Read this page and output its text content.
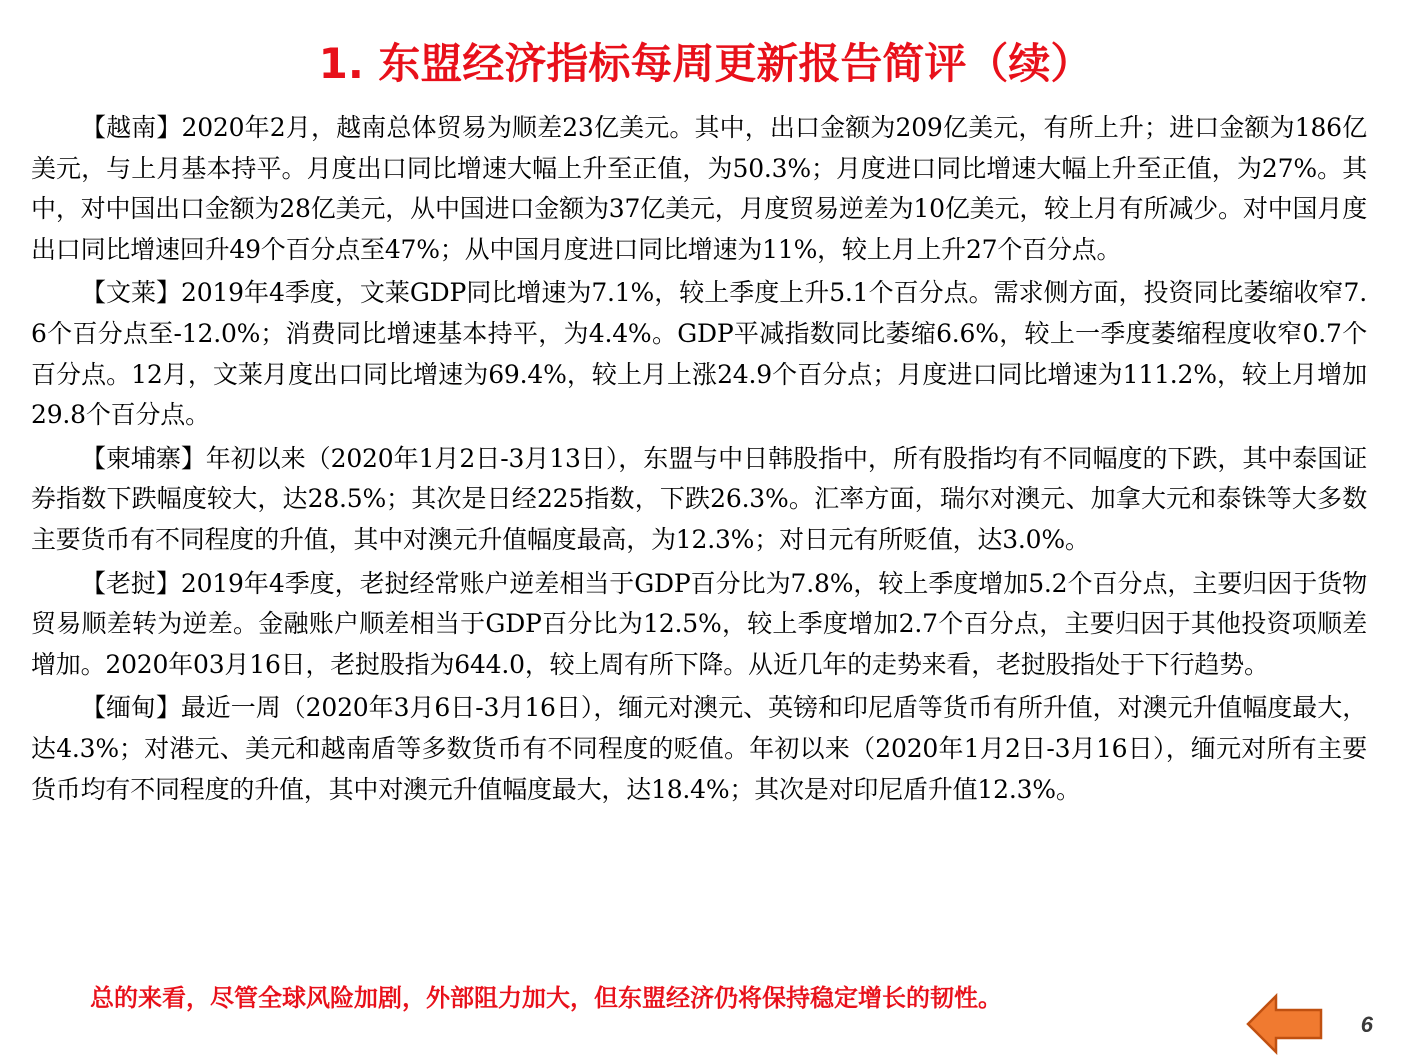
1. 东盟经济指标每周更新报告简评（续）

【越南】2020年2月，越南总体贸易为顺差23亿美元。其中，出口金额为209亿美元，有所上升；进口金额为186亿美元，与上月基本持平。月度出口同比增速大幅上升至正值，为50.3%；月度进口同比增速大幅上升至正值，为27%。其中，对中国出口金额为28亿美元，从中国进口金额为37亿美元，月度贸易逆差为10亿美元，较上月有所减少。对中国月度出口同比增速回升49个百分点至47%；从中国月度进口同比增速为11%，较上月上升27个百分点。

【文莱】2019年4季度，文莱GDP同比增速为7.1%，较上季度上升5.1个百分点。需求侧方面，投资同比萎缩收窄7.6个百分点至-12.0%；消费同比增速基本持平，为4.4%。GDP平减指数同比萎缩6.6%，较上一季度萎缩程度收窄0.7个百分点。12月，文莱月度出口同比增速为69.4%，较上月上涨24.9个百分点；月度进口同比增速为111.2%，较上月增加29.8个百分点。

【柬埔寨】年初以来（2020年1月2日-3月13日），东盟与中日韩股指中，所有股指均有不同幅度的下跌，其中泰国证券指数下跌幅度较大，达28.5%；其次是日经225指数，下跌26.3%。汇率方面，瑞尔对澳元、加拿大元和泰铢等大多数主要货币有不同程度的升值，其中对澳元升值幅度最高，为12.3%；对日元有所贬值，达3.0%。

【老挝】2019年4季度，老挝经常账户逆差相当于GDP百分比为7.8%，较上季度增加5.2个百分点，主要归因于货物贸易顺差转为逆差。金融账户顺差相当于GDP百分比为12.5%，较上季度增加2.7个百分点，主要归因于其他投资项顺差增加。2020年03月16日，老挝股指为644.0，较上周有所下降。从近几年的走势来看，老挝股指处于下行趋势。

【缅甸】最近一周（2020年3月6日-3月16日），缅元对澳元、英镑和印尼盾等货币有所升值，对澳元升值幅度最大，达4.3%；对港元、美元和越南盾等多数货币有不同程度的贬值。年初以来（2020年1月2日-3月16日），缅元对所有主要货币均有不同程度的升值，其中对澳元升值幅度最大，达18.4%；其次是对印尼盾升值12.3%。

总的来看，尽管全球风险加剧，外部阻力加大，但东盟经济仍将保持稳定增长的韧性。

6
